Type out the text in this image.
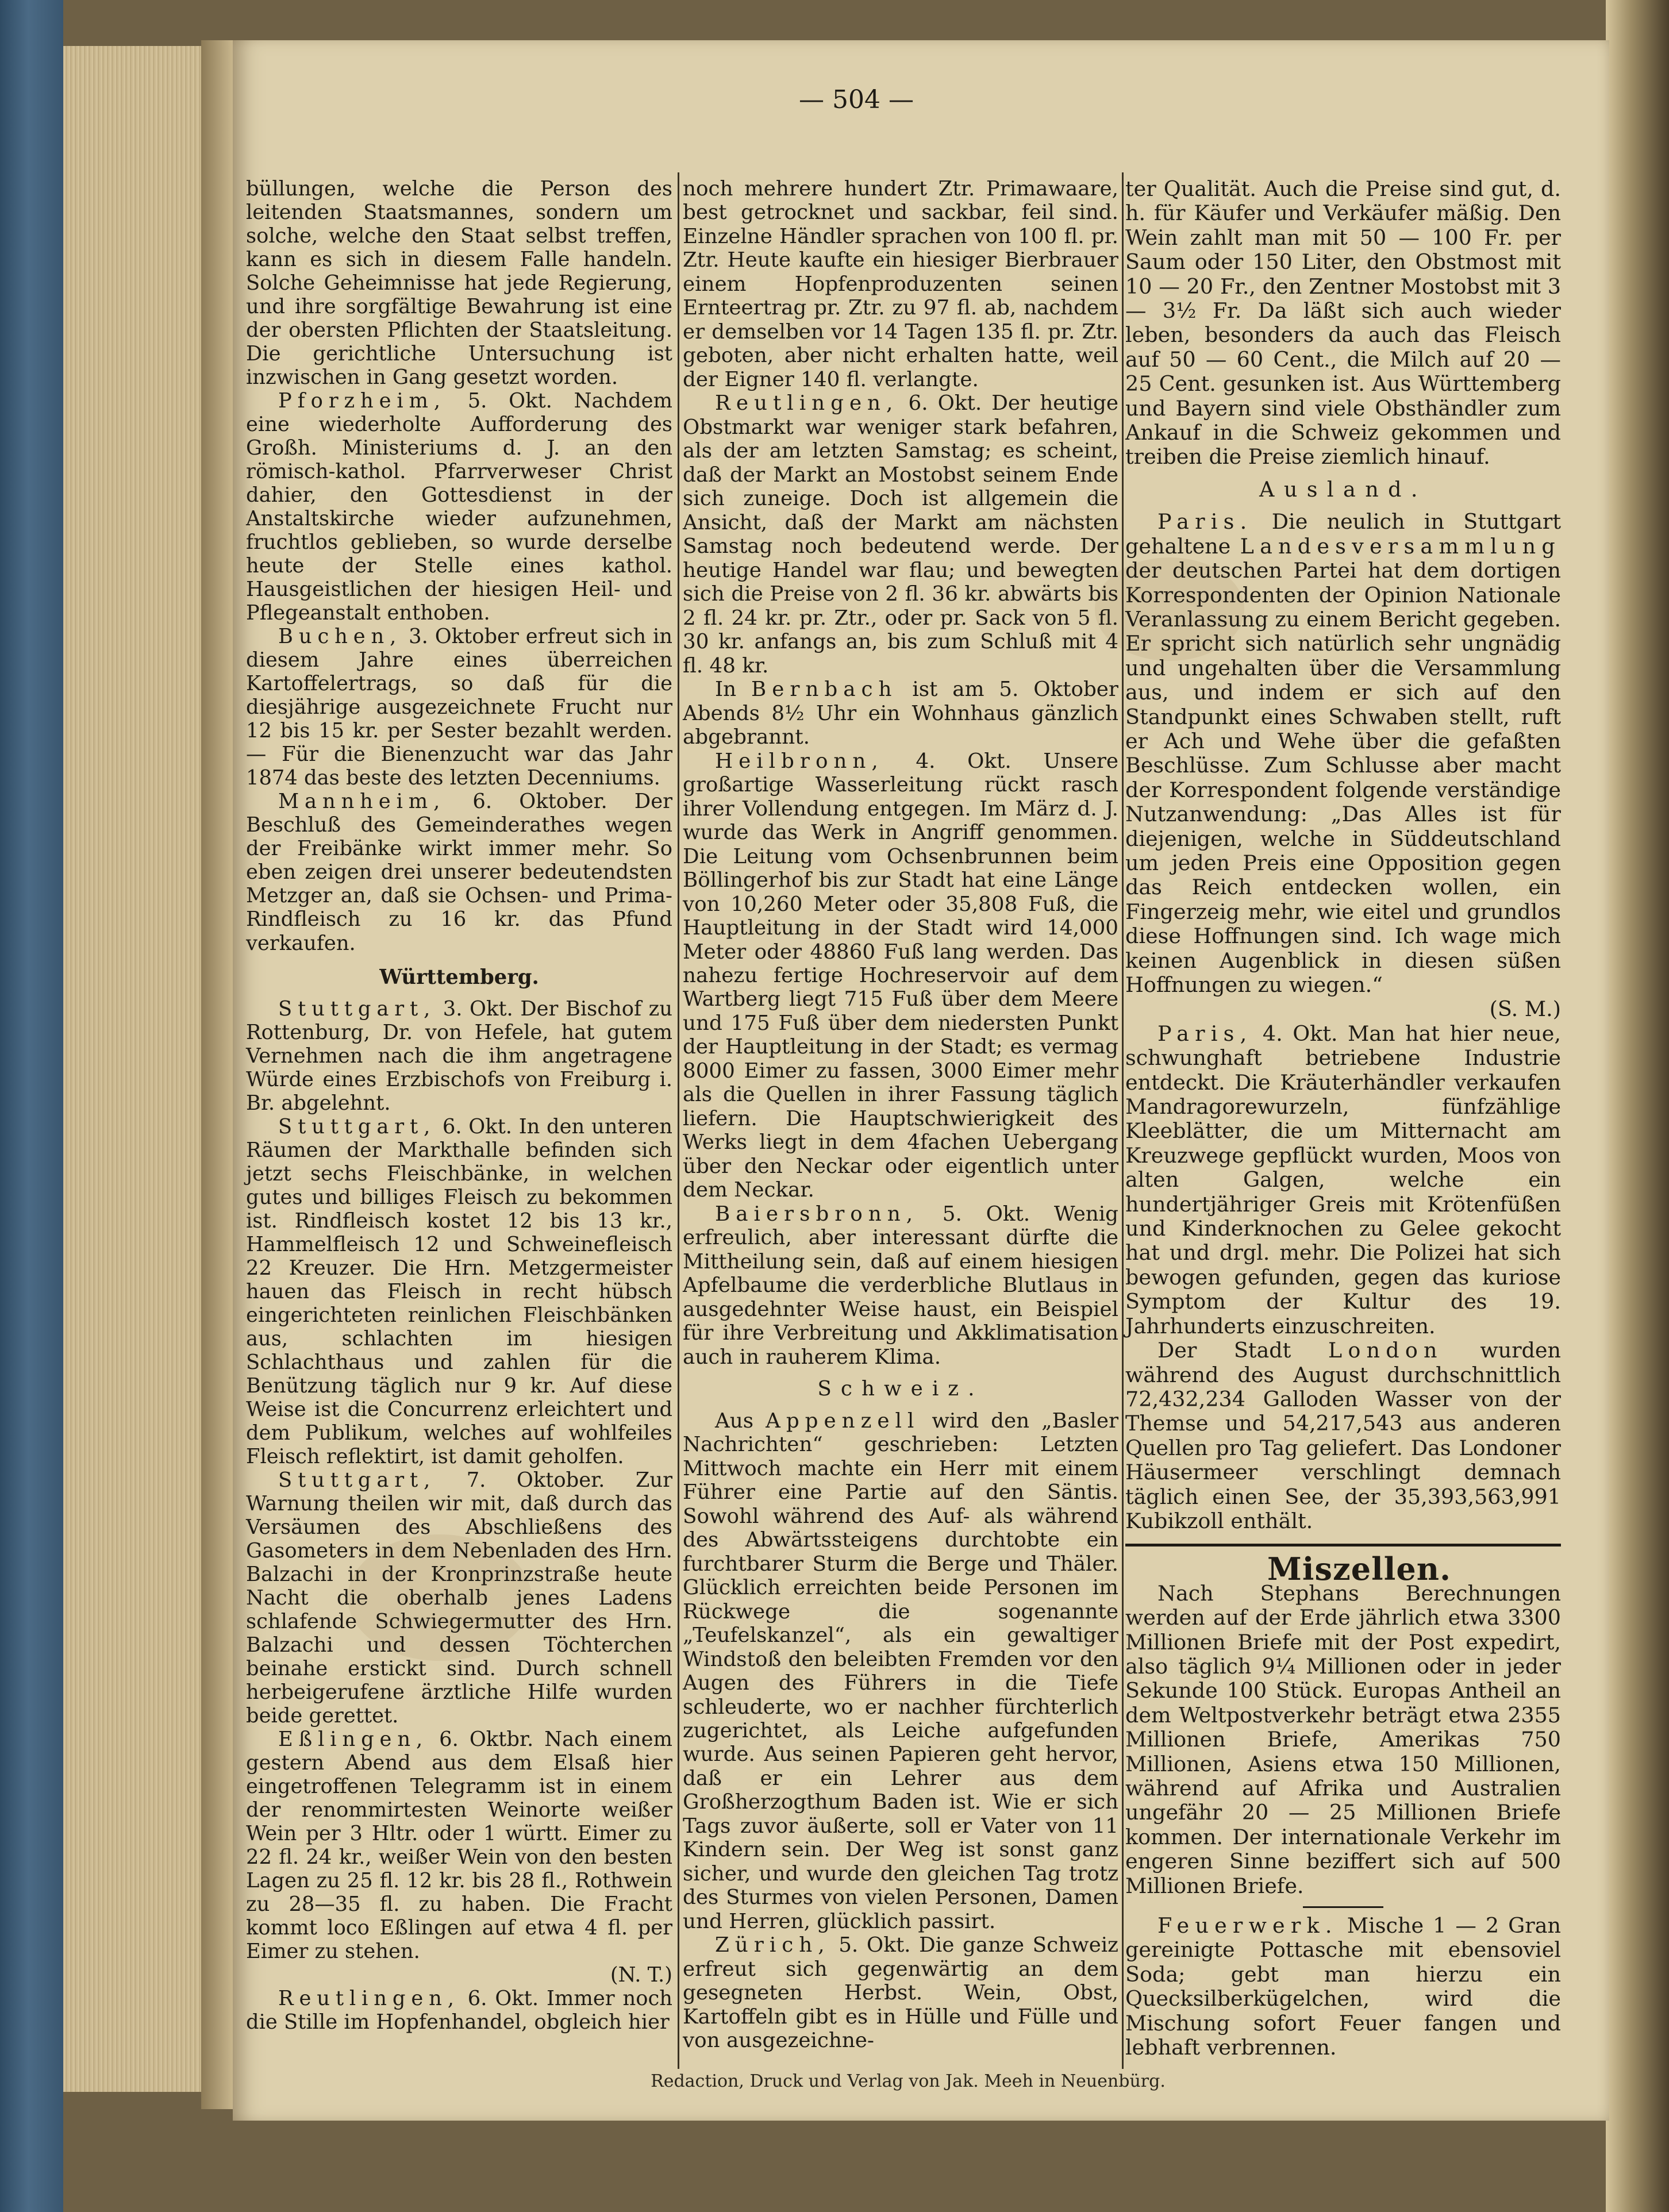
— 504 —

büllungen, welche die Person des leitenden Staatsmannes, sondern um solche, welche den Staat selbst treffen, kann es sich in diesem Falle handeln. Solche Geheimnisse hat jede Regierung, und ihre sorgfältige Bewahrung ist eine der obersten Pflichten der Staatsleitung. Die gerichtliche Untersuchung ist inzwischen in Gang gesetzt worden.

Pforzheim, 5. Okt. Nachdem eine wiederholte Aufforderung des Großh. Ministeriums d. J. an den römisch-kathol. Pfarrverweser Christ dahier, den Gottesdienst in der Anstaltskirche wieder aufzunehmen, fruchtlos geblieben, so wurde derselbe heute der Stelle eines kathol. Hausgeistlichen der hiesigen Heil- und Pflegeanstalt enthoben.

Buchen, 3. Oktober erfreut sich in diesem Jahre eines überreichen Kartoffelertrags, so daß für die diesjährige ausgezeichnete Frucht nur 12 bis 15 kr. per Sester bezahlt werden. — Für die Bienenzucht war das Jahr 1874 das beste des letzten Decenniums.

Mannheim, 6. Oktober. Der Beschluß des Gemeinderathes wegen der Freibänke wirkt immer mehr. So eben zeigen drei unserer bedeutendsten Metzger an, daß sie Ochsen- und Prima-Rindfleisch zu 16 kr. das Pfund verkaufen.

Württemberg.

Stuttgart, 3. Okt. Der Bischof zu Rottenburg, Dr. von Hefele, hat gutem Vernehmen nach die ihm angetragene Würde eines Erzbischofs von Freiburg i. Br. abgelehnt.

Stuttgart, 6. Okt. In den unteren Räumen der Markthalle befinden sich jetzt sechs Fleischbänke, in welchen gutes und billiges Fleisch zu bekommen ist. Rindfleisch kostet 12 bis 13 kr., Hammelfleisch 12 und Schweinefleisch 22 Kreuzer. Die Hrn. Metzgermeister hauen das Fleisch in recht hübsch eingerichteten reinlichen Fleischbänken aus, schlachten im hiesigen Schlachthaus und zahlen für die Benützung täglich nur 9 kr. Auf diese Weise ist die Concurrenz erleichtert und dem Publikum, welches auf wohlfeiles Fleisch reflektirt, ist damit geholfen.

Stuttgart, 7. Oktober. Zur Warnung theilen wir mit, daß durch das Versäumen des Abschließens des Gasometers in dem Nebenladen des Hrn. Balzachi in der Kronprinzstraße heute Nacht die oberhalb jenes Ladens schlafende Schwiegermutter des Hrn. Balzachi und dessen Töchterchen beinahe erstickt sind. Durch schnell herbeigerufene ärztliche Hilfe wurden beide gerettet.

Eßlingen, 6. Oktbr. Nach einem gestern Abend aus dem Elsaß hier eingetroffenen Telegramm ist in einem der renommirtesten Weinorte weißer Wein per 3 Hltr. oder 1 württ. Eimer zu 22 fl. 24 kr., weißer Wein von den besten Lagen zu 25 fl. 12 kr. bis 28 fl., Rothwein zu 28—35 fl. zu haben. Die Fracht kommt loco Eßlingen auf etwa 4 fl. per Eimer zu stehen.
(N. T.)

Reutlingen, 6. Okt. Immer noch die Stille im Hopfenhandel, obgleich hier

noch mehrere hundert Ztr. Primawaare, best getrocknet und sackbar, feil sind. Einzelne Händler sprachen von 100 fl. pr. Ztr. Heute kaufte ein hiesiger Bierbrauer einem Hopfenproduzenten seinen Ernteertrag pr. Ztr. zu 97 fl. ab, nachdem er demselben vor 14 Tagen 135 fl. pr. Ztr. geboten, aber nicht erhalten hatte, weil der Eigner 140 fl. verlangte.

Reutlingen, 6. Okt. Der heutige Obstmarkt war weniger stark befahren, als der am letzten Samstag; es scheint, daß der Markt an Mostobst seinem Ende sich zuneige. Doch ist allgemein die Ansicht, daß der Markt am nächsten Samstag noch bedeutend werde. Der heutige Handel war flau; und bewegten sich die Preise von 2 fl. 36 kr. abwärts bis 2 fl. 24 kr. pr. Ztr., oder pr. Sack von 5 fl. 30 kr. anfangs an, bis zum Schluß mit 4 fl. 48 kr.

In Bernbach ist am 5. Oktober Abends 8½ Uhr ein Wohnhaus gänzlich abgebrannt.

Heilbronn, 4. Okt. Unsere großartige Wasserleitung rückt rasch ihrer Vollendung entgegen. Im März d. J. wurde das Werk in Angriff genommen. Die Leitung vom Ochsenbrunnen beim Böllingerhof bis zur Stadt hat eine Länge von 10,260 Meter oder 35,808 Fuß, die Hauptleitung in der Stadt wird 14,000 Meter oder 48860 Fuß lang werden. Das nahezu fertige Hochreservoir auf dem Wartberg liegt 715 Fuß über dem Meere und 175 Fuß über dem niedersten Punkt der Hauptleitung in der Stadt; es vermag 8000 Eimer zu fassen, 3000 Eimer mehr als die Quellen in ihrer Fassung täglich liefern. Die Hauptschwierigkeit des Werks liegt in dem 4fachen Uebergang über den Neckar oder eigentlich unter dem Neckar.

Baiersbronn, 5. Okt. Wenig erfreulich, aber interessant dürfte die Mittheilung sein, daß auf einem hiesigen Apfelbaume die verderbliche Blutlaus in ausgedehnter Weise haust, ein Beispiel für ihre Verbreitung und Akklimatisation auch in rauherem Klima.

Schweiz.

Aus Appenzell wird den „Basler Nachrichten“ geschrieben: Letzten Mittwoch machte ein Herr mit einem Führer eine Partie auf den Säntis. Sowohl während des Auf- als während des Abwärtssteigens durchtobte ein furchtbarer Sturm die Berge und Thäler. Glücklich erreichten beide Personen im Rückwege die sogenannte „Teufelskanzel“, als ein gewaltiger Windstoß den beleibten Fremden vor den Augen des Führers in die Tiefe schleuderte, wo er nachher fürchterlich zugerichtet, als Leiche aufgefunden wurde. Aus seinen Papieren geht hervor, daß er ein Lehrer aus dem Großherzogthum Baden ist. Wie er sich Tags zuvor äußerte, soll er Vater von 11 Kindern sein. Der Weg ist sonst ganz sicher, und wurde den gleichen Tag trotz des Sturmes von vielen Personen, Damen und Herren, glücklich passirt.

Zürich, 5. Okt. Die ganze Schweiz erfreut sich gegenwärtig an dem gesegneten Herbst. Wein, Obst, Kartoffeln gibt es in Hülle und Fülle und von ausgezeichne-

ter Qualität. Auch die Preise sind gut, d. h. für Käufer und Verkäufer mäßig. Den Wein zahlt man mit 50 — 100 Fr. per Saum oder 150 Liter, den Obstmost mit 10 — 20 Fr., den Zentner Mostobst mit 3 — 3½ Fr. Da läßt sich auch wieder leben, besonders da auch das Fleisch auf 50 — 60 Cent., die Milch auf 20 — 25 Cent. gesunken ist. Aus Württemberg und Bayern sind viele Obsthändler zum Ankauf in die Schweiz gekommen und treiben die Preise ziemlich hinauf.

Ausland.

Paris. Die neulich in Stuttgart gehaltene Landesversammlung der deutschen Partei hat dem dortigen Korrespondenten der Opinion Nationale Veranlassung zu einem Bericht gegeben. Er spricht sich natürlich sehr ungnädig und ungehalten über die Versammlung aus, und indem er sich auf den Standpunkt eines Schwaben stellt, ruft er Ach und Wehe über die gefaßten Beschlüsse. Zum Schlusse aber macht der Korrespondent folgende verständige Nutzanwendung: „Das Alles ist für diejenigen, welche in Süddeutschland um jeden Preis eine Opposition gegen das Reich entdecken wollen, ein Fingerzeig mehr, wie eitel und grundlos diese Hoffnungen sind. Ich wage mich keinen Augenblick in diesen süßen Hoffnungen zu wiegen.“
(S. M.)

Paris, 4. Okt. Man hat hier neue, schwunghaft betriebene Industrie entdeckt. Die Kräuterhändler verkaufen Mandragorewurzeln, fünfzählige Kleeblätter, die um Mitternacht am Kreuzwege gepflückt wurden, Moos von alten Galgen, welche ein hundertjähriger Greis mit Krötenfüßen und Kinderknochen zu Gelee gekocht hat und drgl. mehr. Die Polizei hat sich bewogen gefunden, gegen das kuriose Symptom der Kultur des 19. Jahrhunderts einzuschreiten.

Der Stadt London wurden während des August durchschnittlich 72,432,234 Galloden Wasser von der Themse und 54,217,543 aus anderen Quellen pro Tag geliefert. Das Londoner Häusermeer verschlingt demnach täglich einen See, der 35,393,563,991 Kubikzoll enthält.

Miszellen.

Nach Stephans Berechnungen werden auf der Erde jährlich etwa 3300 Millionen Briefe mit der Post expedirt, also täglich 9¼ Millionen oder in jeder Sekunde 100 Stück. Europas Antheil an dem Weltpostverkehr beträgt etwa 2355 Millionen Briefe, Amerikas 750 Millionen, Asiens etwa 150 Millionen, während auf Afrika und Australien ungefähr 20 — 25 Millionen Briefe kommen. Der internationale Verkehr im engeren Sinne beziffert sich auf 500 Millionen Briefe.

Feuerwerk. Mische 1 — 2 Gran gereinigte Pottasche mit ebensoviel Soda; gebt man hierzu ein Quecksilberkügelchen, wird die Mischung sofort Feuer fangen und lebhaft verbrennen.

Redaction, Druck und Verlag von Jak. Meeh in Neuenbürg.
